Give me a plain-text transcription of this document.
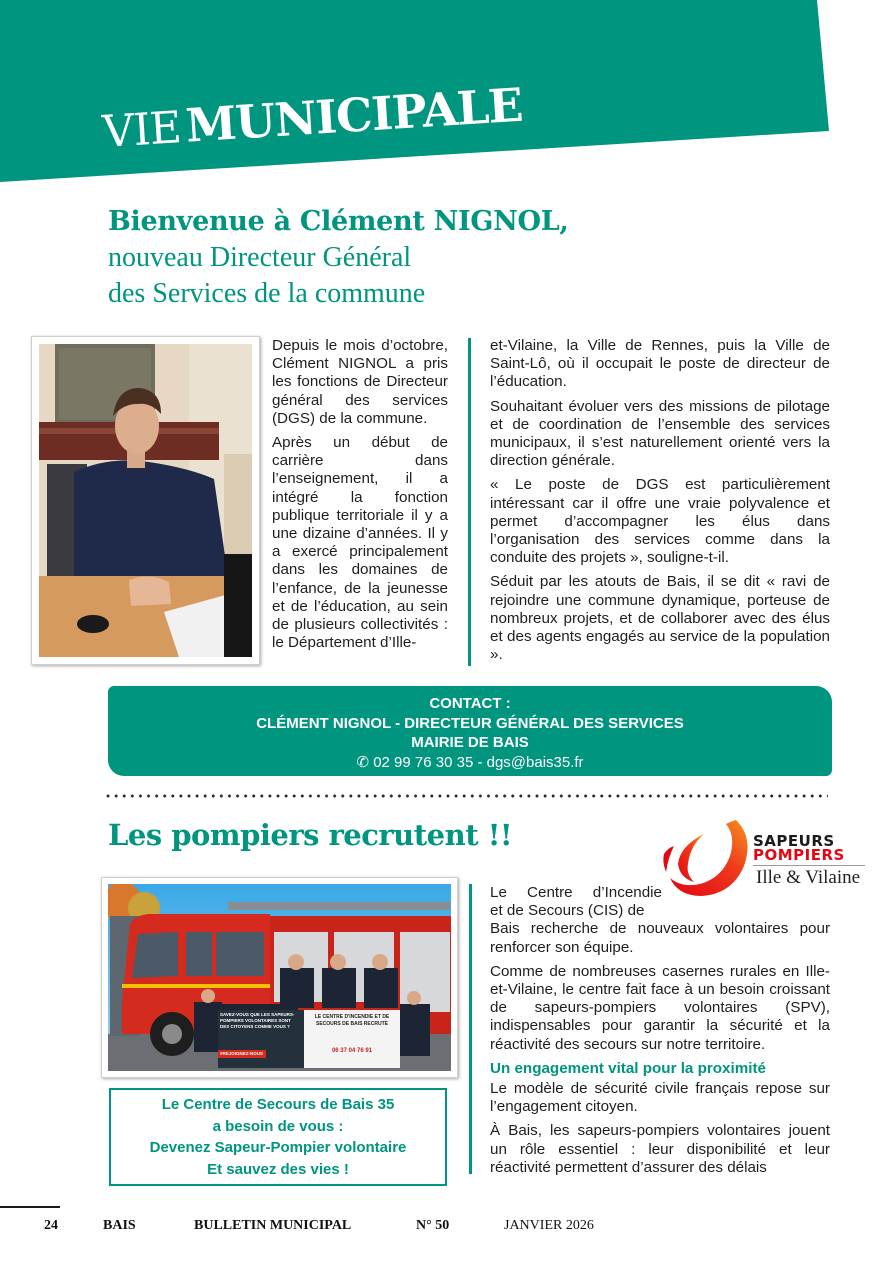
VIE MUNICIPALE
Bienvenue à Clément NIGNOL,
nouveau Directeur Général
des Services de la commune

Depuis le mois d’octobre, Clément NIGNOL a pris les fonctions de Directeur général des services (DGS) de la commune.

Après un début de carrière dans l’enseignement, il a intégré la fonction publique territoriale il y a une dizaine d’années. Il y a exercé principalement dans les domaines de l’enfance, de la jeunesse et de l’éducation, au sein de plusieurs collectivités : le Département d’Ille-

et-Vilaine, la Ville de Rennes, puis la Ville de Saint-Lô, où il occupait le poste de directeur de l’éducation.

Souhaitant évoluer vers des missions de pilotage et de coordination de l’ensemble des services municipaux, il s’est naturellement orienté vers la direction générale.

« Le poste de DGS est particulièrement intéressant car il offre une vraie polyvalence et permet d’accompagner les élus dans l’organisation des services comme dans la conduite des projets », souligne-t-il.

Séduit par les atouts de Bais, il se dit « ravi de rejoindre une commune dynamique, porteuse de nombreux projets, et de collaborer avec des élus et des agents engagés au service de la population ».

CONTACT :
CLÉMENT NIGNOL - DIRECTEUR GÉNÉRAL DES SERVICES
MAIRIE DE BAIS
✆ 02 99 76 30 35 - dgs@bais35.fr
Les pompiers recrutent !!	SAPEURS
POMPIERS
Ille & Vilaine
SAVEZ-VOUS QUE LES SAPEURS-POMPIERS VOLONTAIRES SONT DES CITOYENS COMME VOUS ?
#REJOIGNEZ-NOUS
LE CENTRE D'INCENDIE ET DE SECOURS DE BAIS RECRUTE
06 37 04 76 91
Le Centre de Secours de Bais 35
a besoin de vous :
Devenez Sapeur-Pompier volontaire
Et sauvez des vies !
Le Centre d’Incendie
et de Secours (CIS) de

Bais recherche de nouveaux volontaires pour renforcer son équipe.

Comme de nombreuses casernes rurales en Ille-et-Vilaine, le centre fait face à un besoin croissant de sapeurs-pompiers volontaires (SPV), indispensables pour garantir la sécurité et la réactivité des secours sur notre territoire.

Un engagement vital pour la proximité

Le modèle de sécurité civile français repose sur l’engagement citoyen.

À Bais, les sapeurs-pompiers volontaires jouent un rôle essentiel : leur disponibilité et leur réactivité permettent d’assurer des délais

24	BAIS	BULLETIN MUNICIPAL	N° 50	JANVIER 2026
